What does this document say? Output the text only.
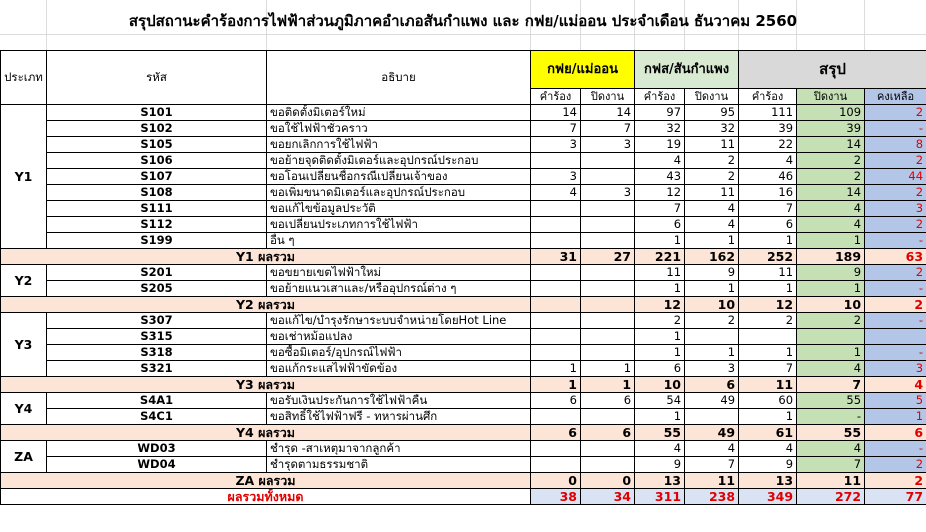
สรุปสถานะคำร้องการไฟฟ้าส่วนภูมิภาคอำเภอสันกำแพง และ กฟย/แม่ออน ประจำเดือน ธันวาคม 2560
ประเภท	รหัส	อธิบาย	กฟย/แม่ออน		กฟส/สันกำแพง		สรุป		
			คำร้อง	ปิดงาน	คำร้อง	ปิดงาน	คำร้อง	ปิดงาน	คงเหลือ
Y1	S101	ขอติดตั้งมิเตอร์ใหม่	14	14	97	95	111	109	2
	S102	ขอใช้ไฟฟ้าชั่วคราว	7	7	32	32	39	39	-
	S105	ขอยกเลิกการใช้ไฟฟ้า	3	3	19	11	22	14	8
	S106	ขอย้ายจุดติดตั้งมิเตอร์และอุปกรณ์ประกอบ			4	2	4	2	2
	S107	ขอโอนเปลี่ยนชื่อกรณีเปลี่ยนเจ้าของ	3		43	2	46	2	44
	S108	ขอเพิ่มขนาดมิเตอร์และอุปกรณ์ประกอบ	4	3	12	11	16	14	2
	S111	ขอแก้ไขข้อมูลประวัติ			7	4	7	4	3
	S112	ขอเปลี่ยนประเภทการใช้ไฟฟ้า			6	4	6	4	2
	S199	อื่น ๆ			1	1	1	1	-
Y1 ผลรวม			31	27	221	162	252	189	63
Y2	S201	ขอขยายเขตไฟฟ้าใหม่			11	9	11	9	2
	S205	ขอย้ายแนวเสาและ/หรืออุปกรณ์ต่าง ๆ			1	1	1	1	-
Y2 ผลรวม					12	10	12	10	2
Y3	S307	ขอแก้ไข/บำรุงรักษาระบบจำหน่ายโดยHot Line			2	2	2	2	-
	S315	ขอเช่าหม้อแปลง			1				
	S318	ขอซื้อมิเตอร์/อุปกรณ์ไฟฟ้า			1	1	1	1	-
	S321	ขอแก้กระแสไฟฟ้าขัดข้อง	1	1	6	3	7	4	3
Y3 ผลรวม			1	1	10	6	11	7	4
Y4	S4A1	ขอรับเงินประกันการใช้ไฟฟ้าคืน	6	6	54	49	60	55	5
	S4C1	ขอสิทธิ์ใช้ไฟฟ้าฟรี - ทหารผ่านศึก			1		1	-	1
Y4 ผลรวม			6	6	55	49	61	55	6
ZA	WD03	ชำรุด -สาเหตุมาจากลูกค้า			4	4	4	4	-
	WD04	ชำรุดตามธรรมชาติ			9	7	9	7	2
ZA ผลรวม			0	0	13	11	13	11	2
ผลรวมทั้งหมด			38	34	311	238	349	272	77
